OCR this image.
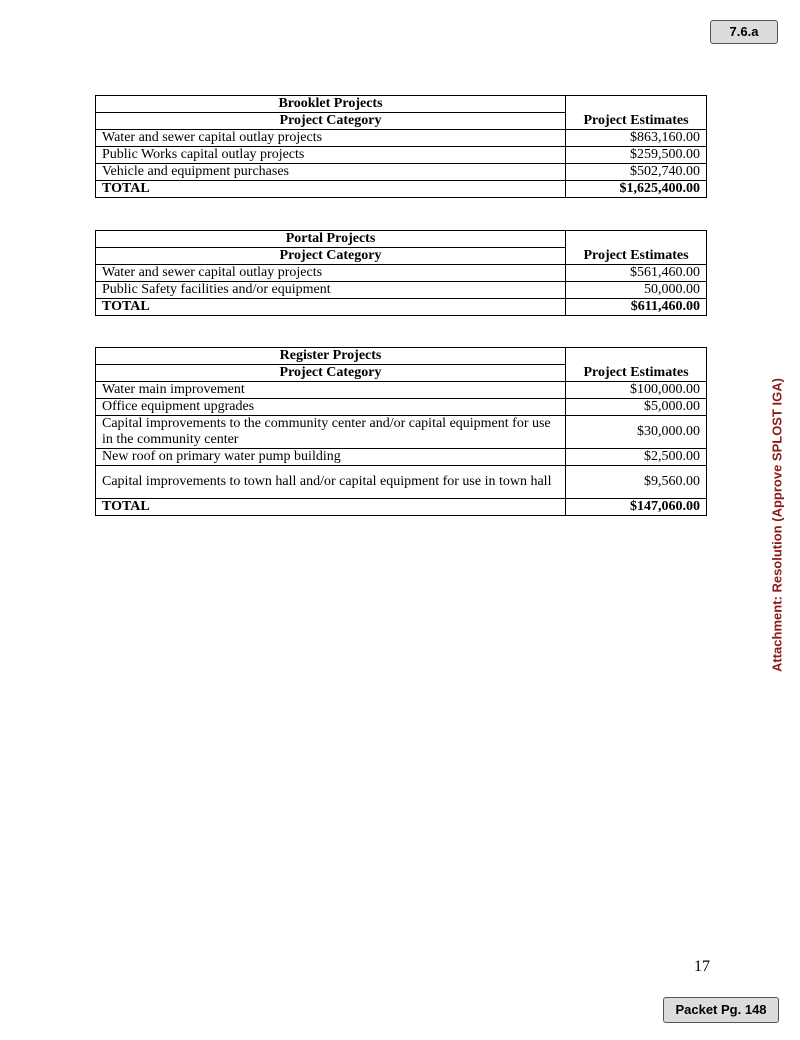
7.6.a
Attachment: Resolution (Approve SPLOST IGA)
Brooklet Projects	
Project Category	Project Estimates
Water and sewer capital outlay projects	$863,160.00
Public Works capital outlay projects	$259,500.00
Vehicle and equipment purchases	$502,740.00
TOTAL	$1,625,400.00
Portal Projects	
Project Category	Project Estimates
Water and sewer capital outlay projects	$561,460.00
Public Safety facilities and/or equipment	50,000.00
TOTAL	$611,460.00
Register Projects	
Project Category	Project Estimates
Water main improvement	$100,000.00
Office equipment upgrades	$5,000.00
Capital improvements to the community center and/or capital equipment for use in the community center	$30,000.00
New roof on primary water pump building	$2,500.00
Capital improvements to town hall and/or capital equipment for use in town hall	$9,560.00
TOTAL	$147,060.00
17
Packet Pg. 148
